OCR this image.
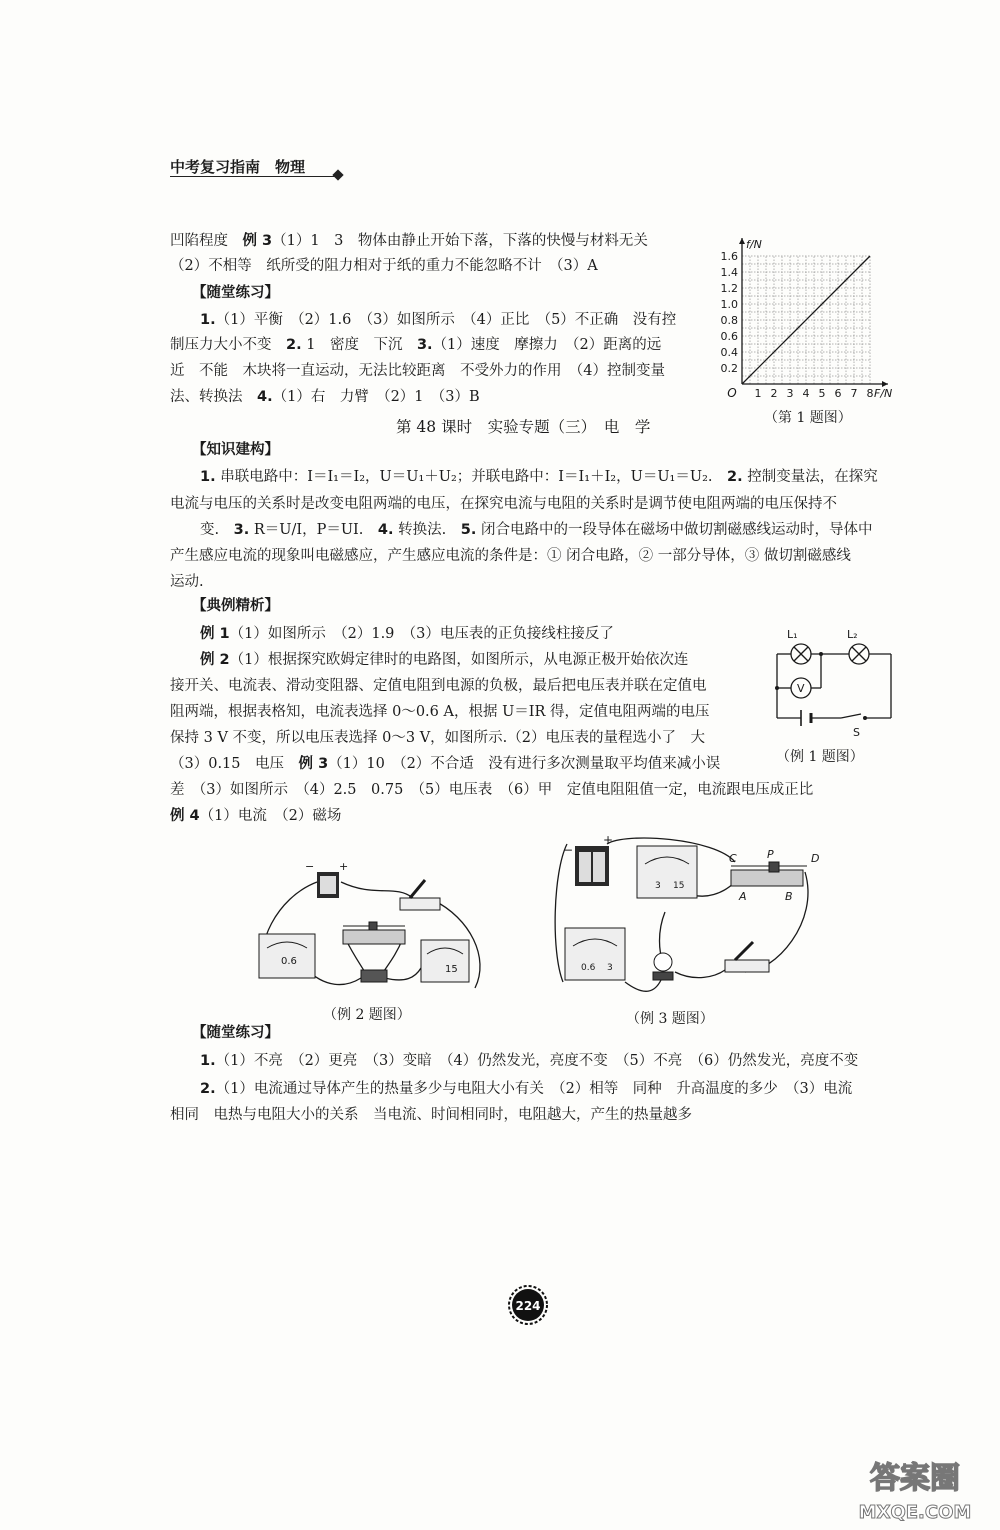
中考复习指南　物理
凹陷程度　例 3（1）1　3　物体由静止开始下落，下落的快慢与材料无关
（2）不相等　纸所受的阻力相对于纸的重力不能忽略不计　（3）A
【随堂练习】
1.（1）平衡　（2）1.6　（3）如图所示　（4）正比　（5）不正确　没有控
制压力大小不变　2. 1　密度　下沉　3.（1）速度　摩擦力　（2）距离的远
近　不能　木块将一直运动，无法比较距离　不受外力的作用　（4）控制变量
法、转换法　4.（1）右　力臂　（2）1　（3）B
第 48 课时　实验专题（三）　电　学
【知识建构】
1. 串联电路中：I＝I₁＝I₂，U＝U₁＋U₂；并联电路中：I＝I₁＋I₂，U＝U₁＝U₂.　2. 控制变量法，在探究
电流与电压的关系时是改变电阻两端的电压，在探究电流与电阻的关系时是调节使电阻两端的电压保持不
变.　3. R＝U/I，P＝UI.　4. 转换法.　5. 闭合电路中的一段导体在磁场中做切割磁感线运动时，导体中
产生感应电流的现象叫电磁感应，产生感应电流的条件是：① 闭合电路，② 一部分导体，③ 做切割磁感线
运动.
【典例精析】
例 1（1）如图所示　（2）1.9　（3）电压表的正负接线柱接反了
例 2（1）根据探究欧姆定律时的电路图，如图所示，从电源正极开始依次连
接开关、电流表、滑动变阻器、定值电阻到电源的负极，最后把电压表并联在定值电
阻两端，根据表格知，电流表选择 0～0.6 A，根据 U＝IR 得，定值电阻两端的电压
保持 3 V 不变，所以电压表选择 0～3 V，如图所示.（2）电压表的量程选小了　大
（3）0.15　电压　例 3（1）10　（2）不合适　没有进行多次测量取平均值来减小误
差　（3）如图所示　（4）2.5　0.75　（5）电压表　（6）甲　定值电阻阻值一定，电流跟电压成正比
例 4（1）电流　（2）磁场
【随堂练习】
1.（1）不亮　（2）更亮　（3）变暗　（4）仍然发光，亮度不变　（5）不亮　（6）仍然发光，亮度不变
2.（1）电流通过导体产生的热量多少与电阻大小有关　（2）相等　同种　升高温度的多少　（3）电流
相同　电热与电阻大小的关系　当电流、时间相同时，电阻越大，产生的热量越多
1 2 3 4 5 6 7 8
0.2
0.4
0.6
0.8
1.0
1.2
1.4
1.6
O	F/N
f/N
（第 1 题图）
L₁	L₂
V
S
（例 1 题图）
− +
0.6
15
（例 2 题图）
−
+
3 15
C	P	D
A	B
0.6 3
（例 3 题图）
224
答案圈
MXQE.COM
